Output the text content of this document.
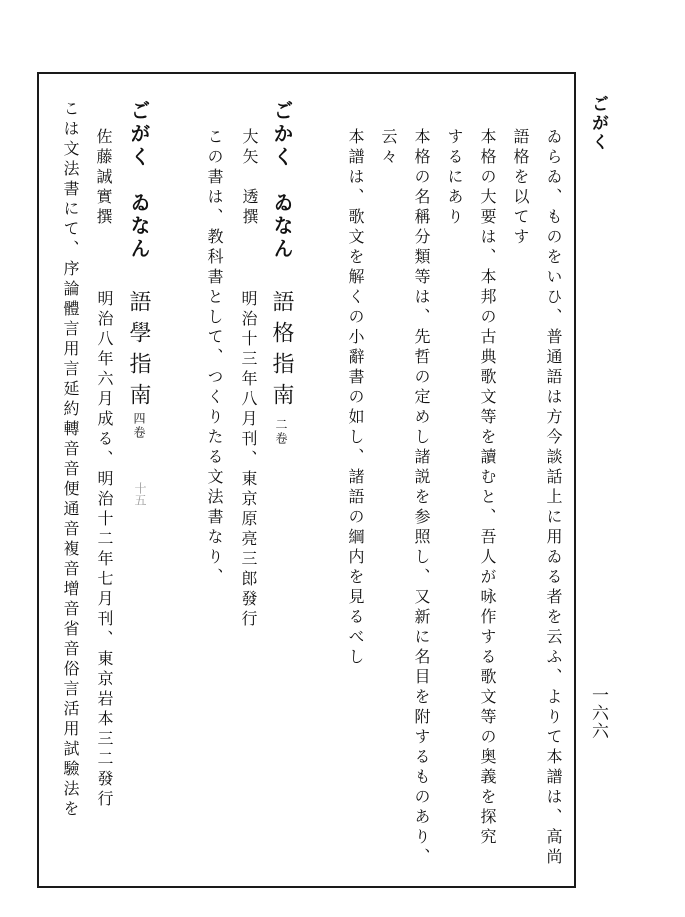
ゐらゐ、ものをいひ、普通語は方今談話上に用ゐる者を云ふ、よりて本譜は、高尚
語格を以てす
本格の大要は、本邦の古典歌文等を讀むと、吾人が咏作する歌文等の奥義を探究
するにあり
本格の名稱分類等は、先哲の定めし諸説を参照し、又新に名目を附するものあり、
云々
本譜は、歌文を解くの小辭書の如し、諸語の綱内を見るべし
ごかく　ゐなん
大矢　透撰
この書は、教科書として、つくりたる文法書なり、 語格指南
二卷
明治十三年八月刊、東京原亮三郎發行
ごがく　ゐなん
佐藤誠實撰
こは文法書にて、序論體言用言延約轉音音便通音複音增音省音俗言活用試驗法を 語學指南
四卷
十五
明治八年六月成る、明治十二年七月刊、東京岩本三二發行
ごがく
一六六
